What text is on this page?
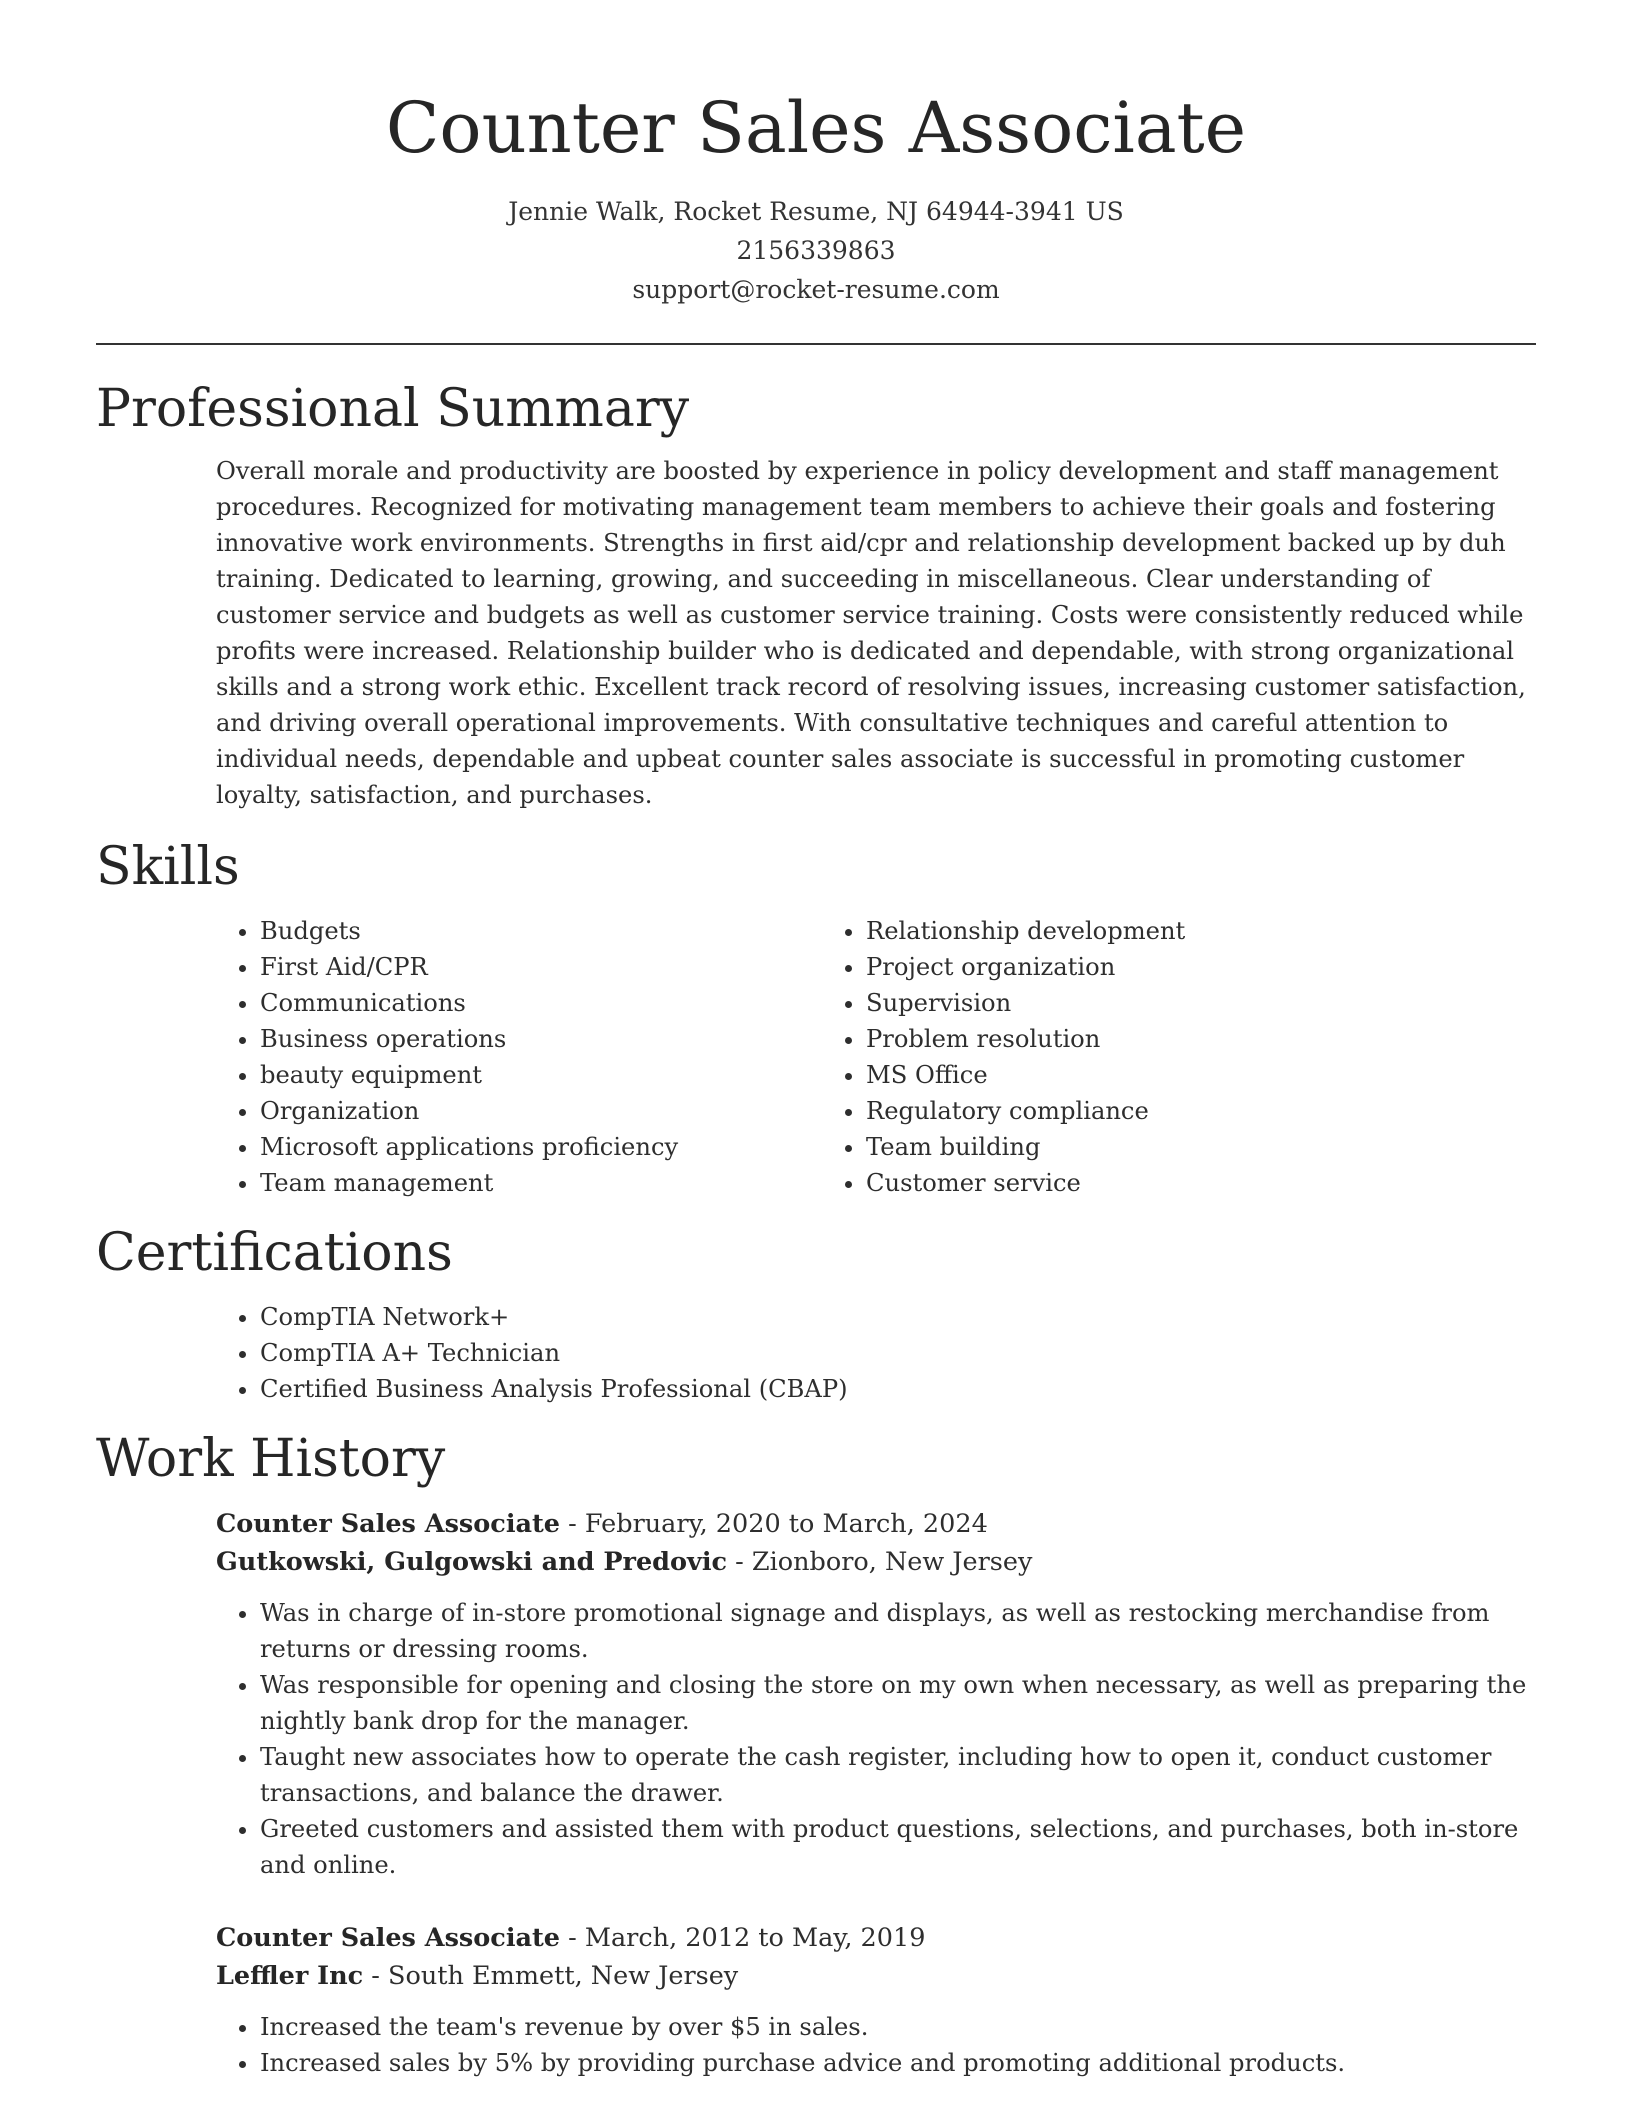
Counter Sales Associate
Jennie Walk, Rocket Resume, NJ 64944-3941 US
2156339863
support@rocket-resume.com
Professional Summary

Overall morale and productivity are boosted by experience in policy development and staff management procedures. Recognized for motivating management team members to achieve their goals and fostering innovative work environments. Strengths in first aid/cpr and relationship development backed up by duh training. Dedicated to learning, growing, and succeeding in miscellaneous. Clear understanding of customer service and budgets as well as customer service training. Costs were consistently reduced while profits were increased. Relationship builder who is dedicated and dependable, with strong organizational skills and a strong work ethic. Excellent track record of resolving issues, increasing customer satisfaction, and driving overall operational improvements. With consultative techniques and careful attention to individual needs, dependable and upbeat counter sales associate is successful in promoting customer loyalty, satisfaction, and purchases.

Skills
• Budgets
• First Aid/CPR
• Communications
• Business operations
• beauty equipment
• Organization
• Microsoft applications proficiency
• Team management
• Relationship development
• Project organization
• Supervision
• Problem resolution
• MS Office
• Regulatory compliance
• Team building
• Customer service
Certifications
• CompTIA Network+
• CompTIA A+ Technician
• Certified Business Analysis Professional (CBAP)
Work History
Counter Sales Associate - February, 2020 to March, 2024
Gutkowski, Gulgowski and Predovic - Zionboro, New Jersey
• Was in charge of in-store promotional signage and displays, as well as restocking merchandise from returns or dressing rooms.
• Was responsible for opening and closing the store on my own when necessary, as well as preparing the nightly bank drop for the manager.
• Taught new associates how to operate the cash register, including how to open it, conduct customer transactions, and balance the drawer.
• Greeted customers and assisted them with product questions, selections, and purchases, both in-store and online.
Counter Sales Associate - March, 2012 to May, 2019
Leffler Inc - South Emmett, New Jersey
• Increased the team's revenue by over $5 in sales.
• Increased sales by 5% by providing purchase advice and promoting additional products.
